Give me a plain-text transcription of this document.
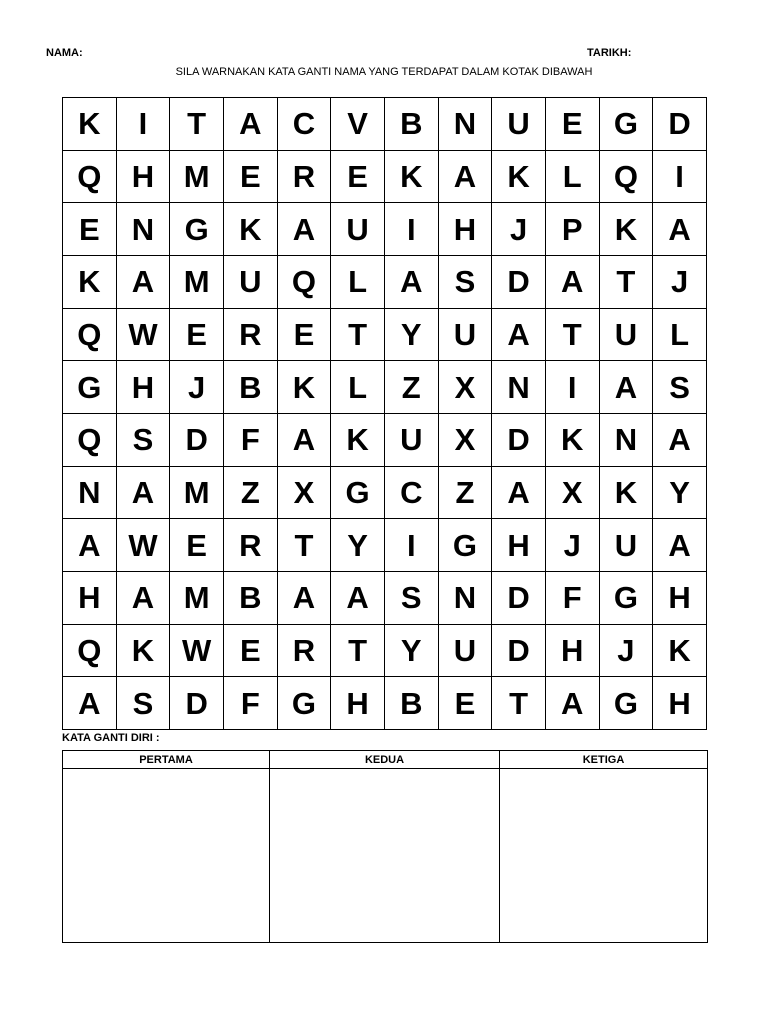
NAMA:	TARIKH:
SILA WARNAKAN KATA GANTI NAMA YANG TERDAPAT DALAM KOTAK DIBAWAH
K	I	T	A	C	V	B	N	U	E	G	D
Q	H	M	E	R	E	K	A	K	L	Q	I
E	N	G	K	A	U	I	H	J	P	K	A
K	A	M	U	Q	L	A	S	D	A	T	J
Q	W	E	R	E	T	Y	U	A	T	U	L
G	H	J	B	K	L	Z	X	N	I	A	S
Q	S	D	F	A	K	U	X	D	K	N	A
N	A	M	Z	X	G	C	Z	A	X	K	Y
A	W	E	R	T	Y	I	G	H	J	U	A
H	A	M	B	A	A	S	N	D	F	G	H
Q	K	W	E	R	T	Y	U	D	H	J	K
A	S	D	F	G	H	B	E	T	A	G	H
KATA GANTI DIRI :
PERTAMA	KEDUA	KETIGA
